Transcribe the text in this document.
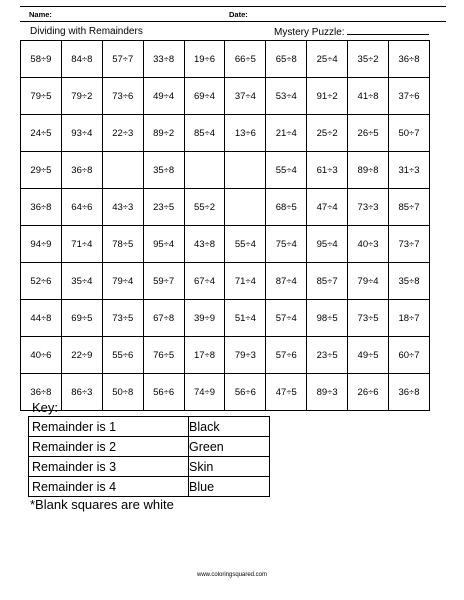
Name:	Date:
Dividing with Remainders	Mystery Puzzle:
58÷9	84÷8	57÷7	33÷8	19÷6	66÷5	65÷8	25÷4	35÷2	36÷8
79÷5	79÷2	73÷6	49÷4	69÷4	37÷4	53÷4	91÷2	41÷8	37÷6
24÷5	93÷4	22÷3	89÷2	85÷4	13÷6	21÷4	25÷2	26÷5	50÷7
29÷5	36÷8		35÷8			55÷4	61÷3	89÷8	31÷3
36÷8	64÷6	43÷3	23÷5	55÷2		68÷5	47÷4	73÷3	85÷7
94÷9	71÷4	78÷5	95÷4	43÷8	55÷4	75÷4	95÷4	40÷3	73÷7
52÷6	35÷4	79÷4	59÷7	67÷4	71÷4	87÷4	85÷7	79÷4	35÷8
44÷8	69÷5	73÷5	67÷8	39÷9	51÷4	57÷4	98÷5	73÷5	18÷7
40÷6	22÷9	55÷6	76÷5	17÷8	79÷3	57÷6	23÷5	49÷5	60÷7
36÷8	86÷3	50÷8	56÷6	74÷9	56÷6	47÷5	89÷3	26÷6	36÷8
Key:
Remainder is 1	Black
Remainder is 2	Green
Remainder is 3	Skin
Remainder is 4	Blue
*Blank squares are white
www.coloringsquared.com
